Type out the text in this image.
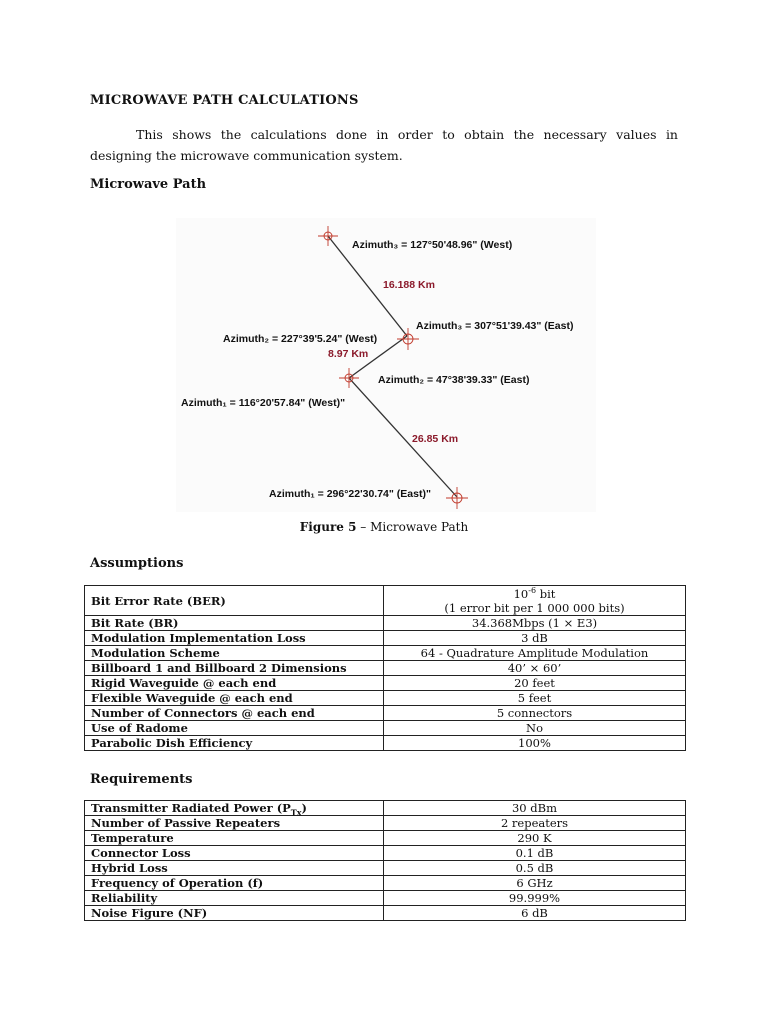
MICROWAVE PATH CALCULATIONS

This shows the calculations done in order to obtain the necessary values in designing the microwave communication system.

Microwave Path
Azimuth₃ = 127°50'48.96" (West)
16.188 Km
Azimuth₃ = 307°51'39.43" (East)
Azimuth₂ = 227°39'5.24" (West)
8.97 Km
Azimuth₂ = 47°38'39.33" (East)
Azimuth₁ = 116°20'57.84" (West)"
26.85 Km
Azimuth₁ = 296°22'30.74" (East)"
Figure 5 – Microwave Path
Assumptions
Bit Error Rate (BER)	$10^{-6}$ bit
(1 error bit per 1 000 000 bits)

Bit Rate (BR)	34.368Mbps (1 × E3)
Modulation Implementation Loss	3 dB
Modulation Scheme	64 - Quadrature Amplitude Modulation
Billboard 1 and Billboard 2 Dimensions	40’ × 60’
Rigid Waveguide @ each end	20 feet
Flexible Waveguide @ each end	5 feet
Number of Connectors @ each end	5 connectors
Use of Radome	No
Parabolic Dish Efficiency	100%
Requirements
Transmitter Radiated Power $(P_{Tx})$	30 dBm
Number of Passive Repeaters	2 repeaters
Temperature	290 K
Connector Loss	0.1 dB
Hybrid Loss	0.5 dB
Frequency of Operation (f)	6 GHz
Reliability	99.999%
Noise Figure (NF)	6 dB
